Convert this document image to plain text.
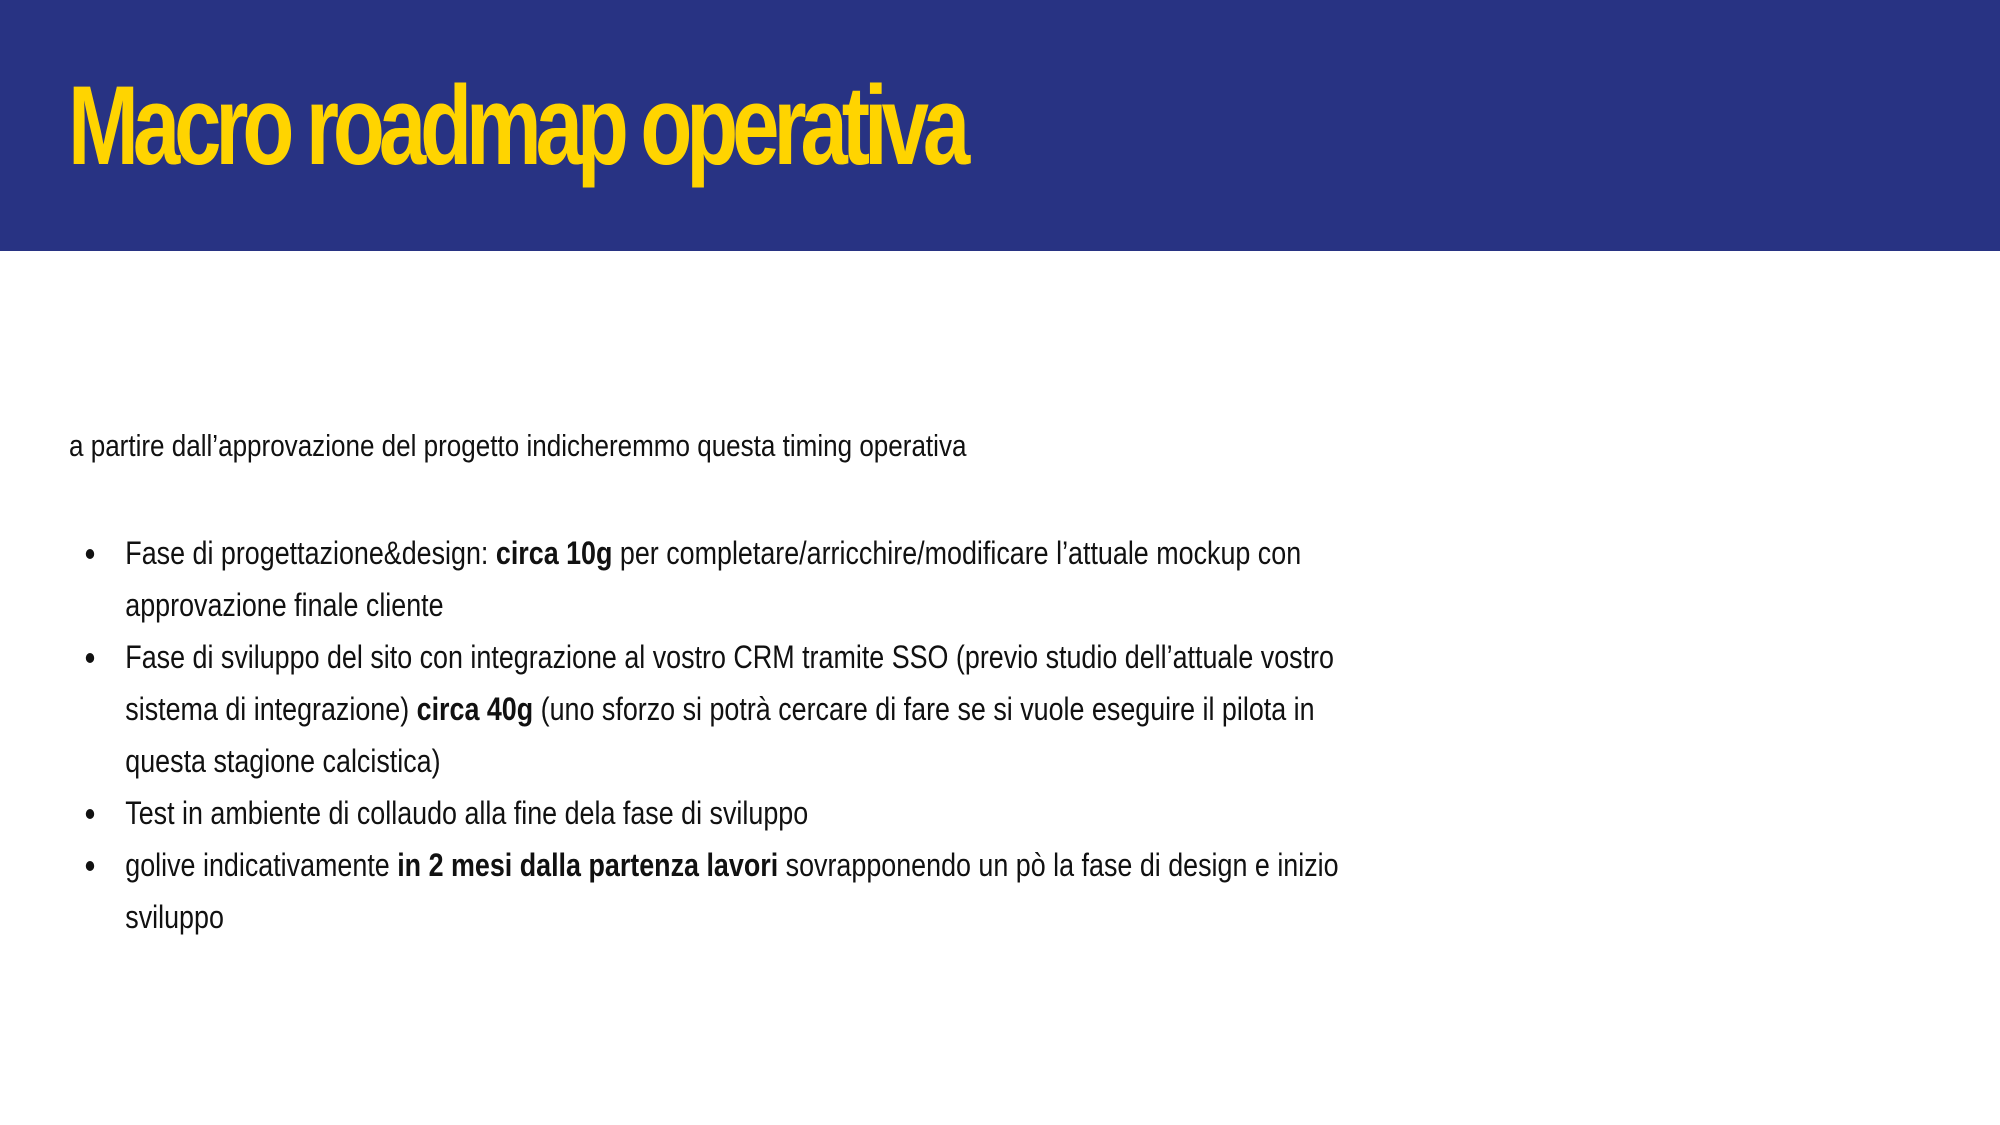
Macro roadmap operativa

a partire dall’approvazione del progetto indicheremmo questa timing operativa

Fase di progettazione&design: circa 10g per completare/arricchire/modificare l’attuale mockup con approvazione finale cliente
Fase di sviluppo del sito con integrazione al vostro CRM tramite SSO (previo studio dell’attuale vostro sistema di integrazione) circa 40g (uno sforzo si potrà cercare di fare se si vuole eseguire il pilota in questa stagione calcistica)
Test in ambiente di collaudo alla fine dela fase di sviluppo
golive indicativamente in 2 mesi dalla partenza lavori sovrapponendo un pò la fase di design e inizio sviluppo
